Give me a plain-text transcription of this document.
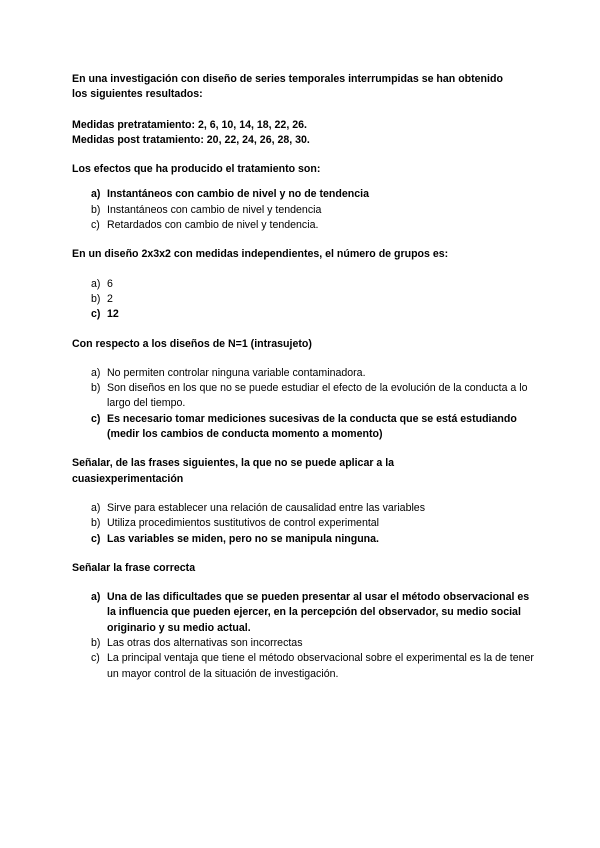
En una investigación con diseño de series temporales interrumpidas se han obtenido

los siguientes resultados:

Medidas pretratamiento: 2, 6, 10, 14, 18, 22, 26.

Medidas post tratamiento: 20, 22, 24, 26, 28, 30.

Los efectos que ha producido el tratamiento son:

a) Instantáneos con cambio de nivel y no de tendencia
b) Instantáneos con cambio de nivel y tendencia
c) Retardados con cambio de nivel y tendencia.

En un diseño 2x3x2 con medidas independientes, el número de grupos es:

a) 6
b) 2
c) 12

Con respecto a los diseños de N=1 (intrasujeto)

a) No permiten controlar ninguna variable contaminadora.
b) Son diseños en los que no se puede estudiar el efecto de la evolución de la conducta a lo largo del tiempo.
c) Es necesario tomar mediciones sucesivas de la conducta que se está estudiando (medir los cambios de conducta momento a momento)

Señalar, de las frases siguientes, la que no se puede aplicar a la cuasiexperimentación

a) Sirve para establecer una relación de causalidad entre las variables
b) Utiliza procedimientos sustitutivos de control experimental
c) Las variables se miden, pero no se manipula ninguna.

Señalar la frase correcta

a) Una de las dificultades que se pueden presentar al usar el método observacional es la influencia que pueden ejercer, en la percepción del observador, su medio social originario y su medio actual.
b) Las otras dos alternativas son incorrectas
c) La principal ventaja que tiene el método observacional sobre el experimental es la de tener un mayor control de la situación de investigación.
